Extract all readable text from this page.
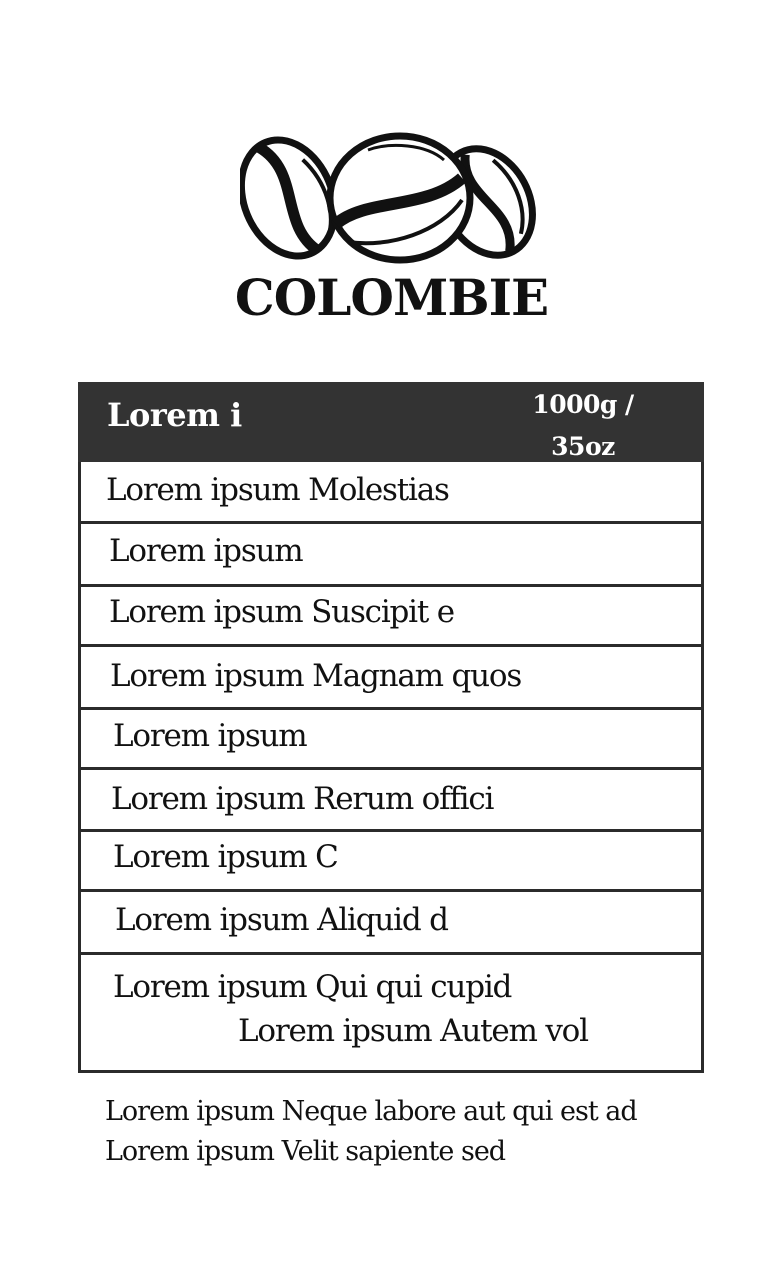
COLOMBIE
Lorem i	1000g /
35oz
Lorem ipsum Molestias
Lorem ipsum
Lorem ipsum Suscipit e
Lorem ipsum Magnam quos
Lorem ipsum
Lorem ipsum Rerum offici
Lorem ipsum C
Lorem ipsum Aliquid d
Lorem ipsum Qui qui cupid
Lorem ipsum Autem vol
Lorem ipsum Neque labore aut qui est ad
Lorem ipsum Velit sapiente sed
